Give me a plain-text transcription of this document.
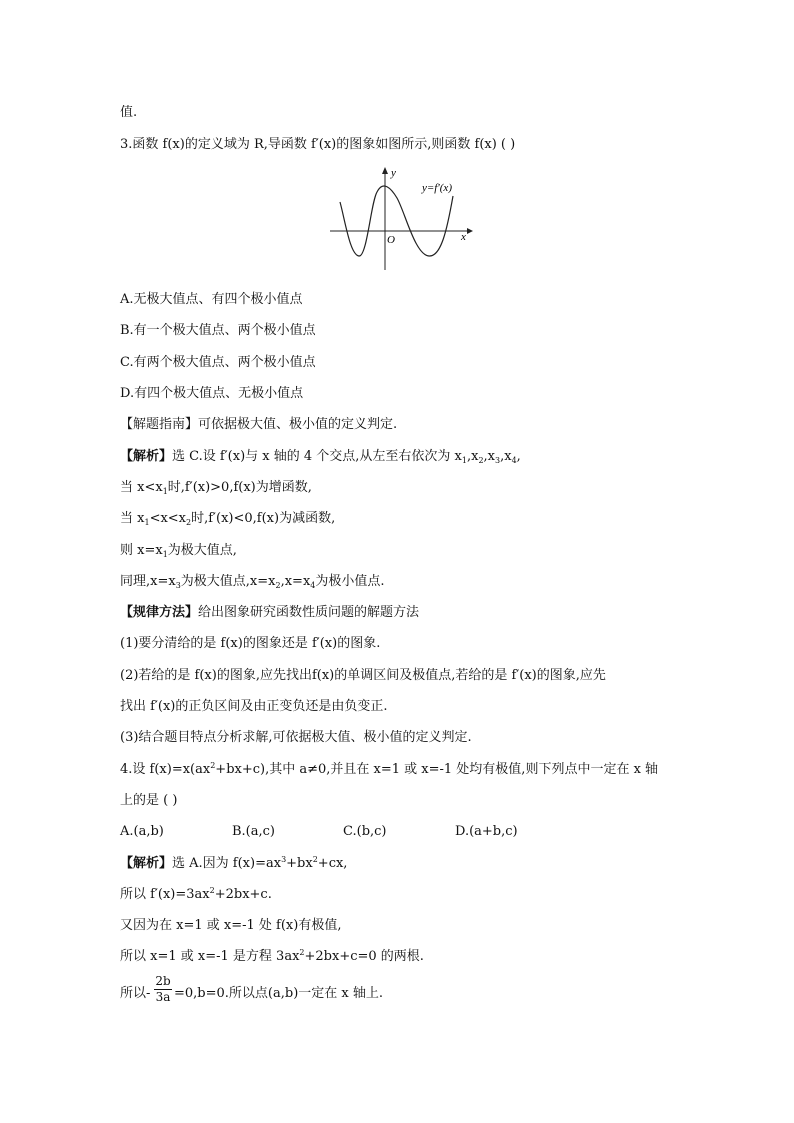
值.
3.函数 f(x)的定义域为 R,导函数 f′(x)的图象如图所示,则函数 f(x) ( )
y
x
O
y=f′(x)
A.无极大值点、有四个极小值点
B.有一个极大值点、两个极小值点
C.有两个极大值点、两个极小值点
D.有四个极大值点、无极小值点
【解题指南】可依据极大值、极小值的定义判定.
【解析】选 C.设 f′(x)与 x 轴的 4 个交点,从左至右依次为 $x_1,x_2,x_3,x_4$,
当 $x<x_1$时,f′(x)>0,f(x)为增函数,
当 $x_1<x<x_2$时,f′(x)<0,f(x)为减函数,
则 $x=x_1$为极大值点,
同理$,x=x_3$为极大值点$,x=x_2,x=x_4$为极小值点.
【规律方法】给出图象研究函数性质问题的解题方法
(1)要分清给的是 f(x)的图象还是 f′(x)的图象.
(2)若给的是 f(x)的图象,应先找出f(x)的单调区间及极值点,若给的是 f′(x)的图象,应先
找出 f′(x)的正负区间及由正变负还是由负变正.
(3)结合题目特点分析求解,可依据极大值、极小值的定义判定.
4.设 $f(x)=x(ax^2+bx+c)$,其中 a≠0,并且在 x=1 或 x=-1 处均有极值,则下列点中一定在 x 轴
上的是 ( )
A.(a,b)	B.(a,c)	C.(b,c)	D.(a+b,c)
【解析】选 A.因为 $f(x)=ax^3+bx^2+cx$,
所以 $f'(x)=3ax^2+2bx+c$.
又因为在 x=1 或 x=-1 处 f(x)有极值,
所以 x=1 或 x=-1 是方程 $3ax^2+2bx+c=0$ 的两根.
所以- $\frac{2b}{3a} =0,b=0$.所以点(a,b)一定在 x 轴上.
